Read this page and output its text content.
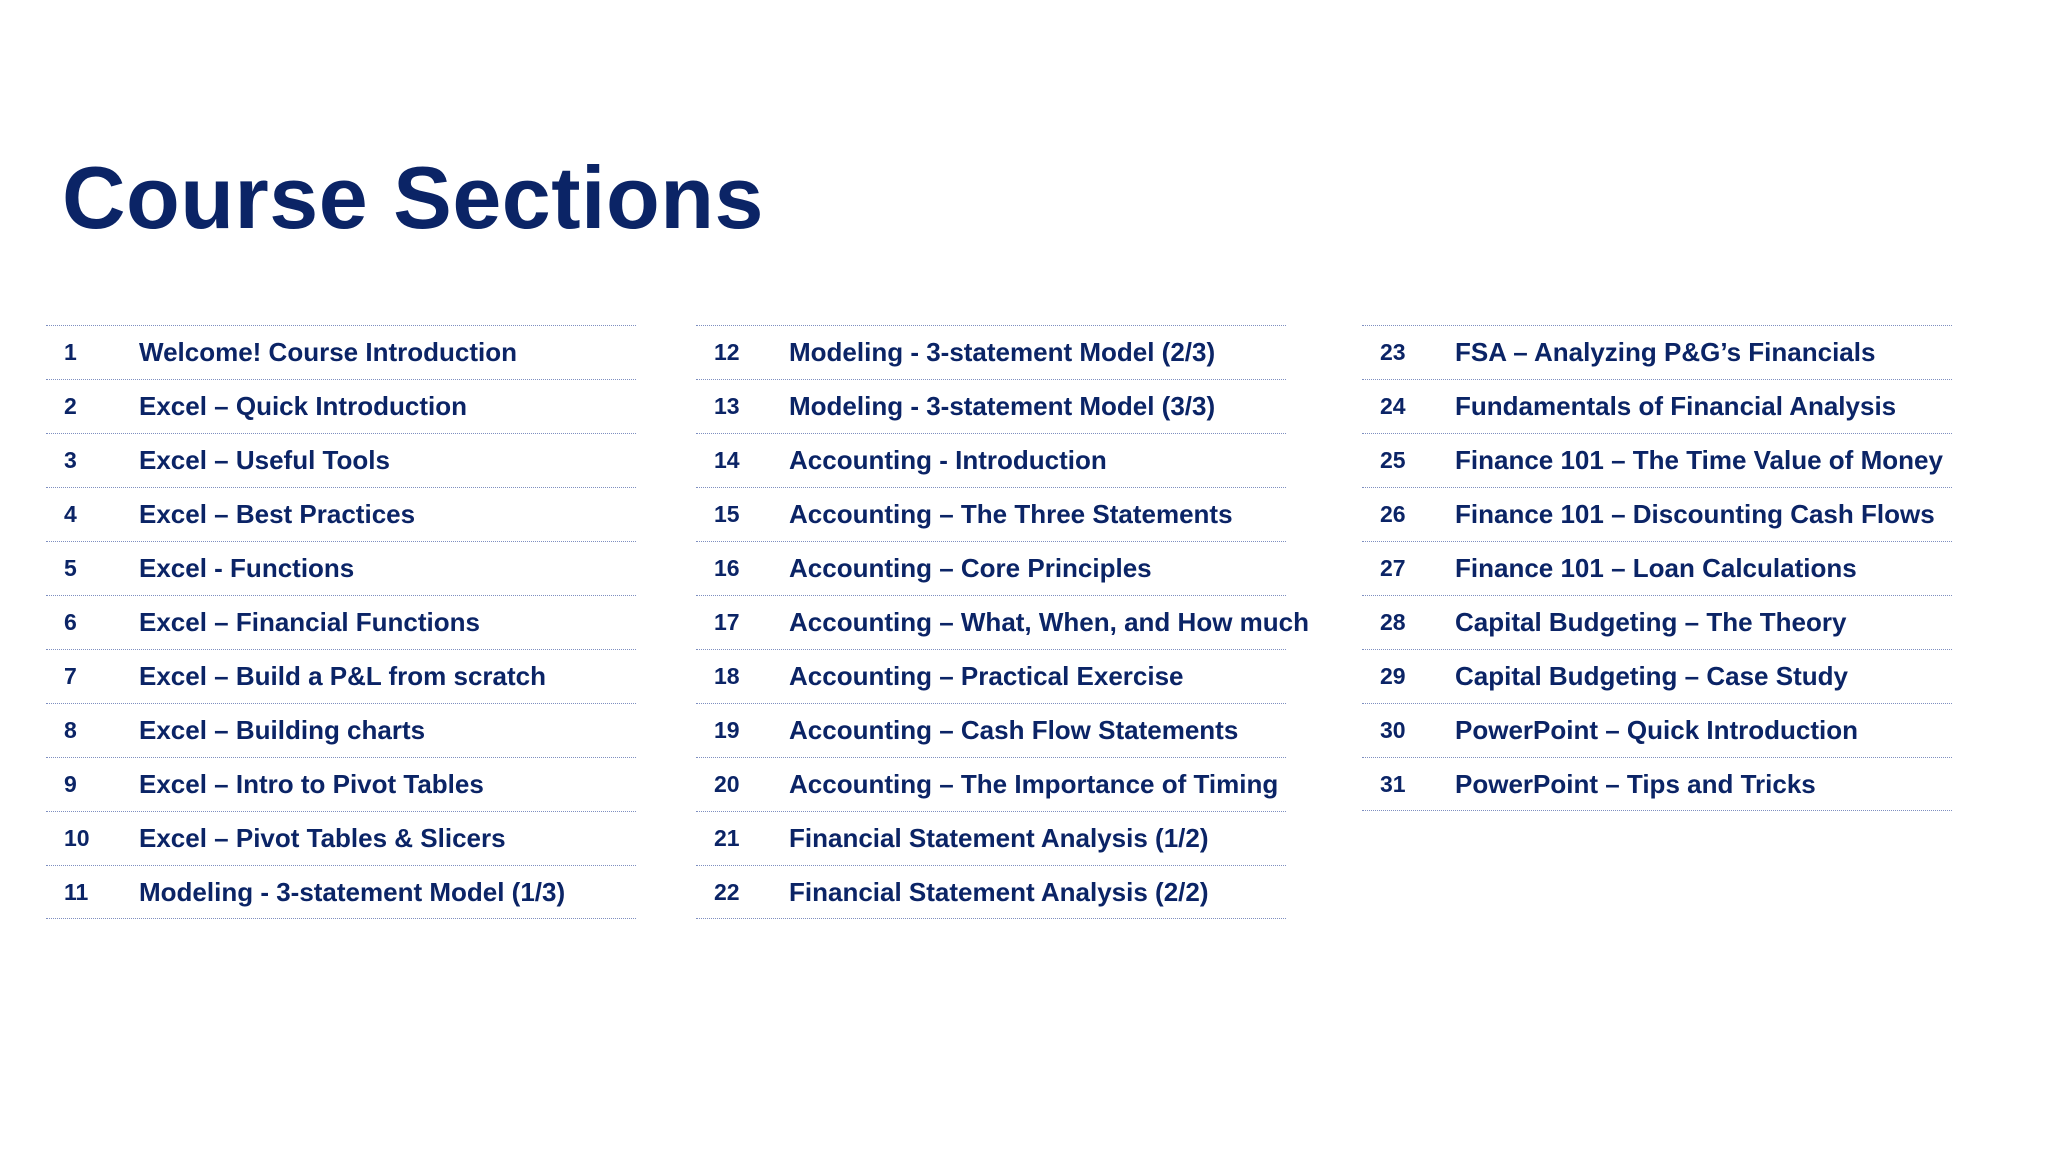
Course Sections
1	Welcome! Course Introduction
2	Excel – Quick Introduction
3	Excel – Useful Tools
4	Excel – Best Practices
5	Excel - Functions
6	Excel – Financial Functions
7	Excel – Build a P&L from scratch
8	Excel – Building charts
9	Excel – Intro to Pivot Tables
10	Excel – Pivot Tables & Slicers
11	Modeling - 3-statement Model (1/3)
12	Modeling - 3-statement Model (2/3)
13	Modeling - 3-statement Model (3/3)
14	Accounting - Introduction
15	Accounting – The Three Statements
16	Accounting – Core Principles
17	Accounting – What, When, and How much
18	Accounting – Practical Exercise
19	Accounting – Cash Flow Statements
20	Accounting – The Importance of Timing
21	Financial Statement Analysis (1/2)
22	Financial Statement Analysis (2/2)
23	FSA – Analyzing P&G’s Financials
24	Fundamentals of Financial Analysis
25	Finance 101 – The Time Value of Money
26	Finance 101 – Discounting Cash Flows
27	Finance 101 – Loan Calculations
28	Capital Budgeting – The Theory
29	Capital Budgeting – Case Study
30	PowerPoint – Quick Introduction
31	PowerPoint – Tips and Tricks
